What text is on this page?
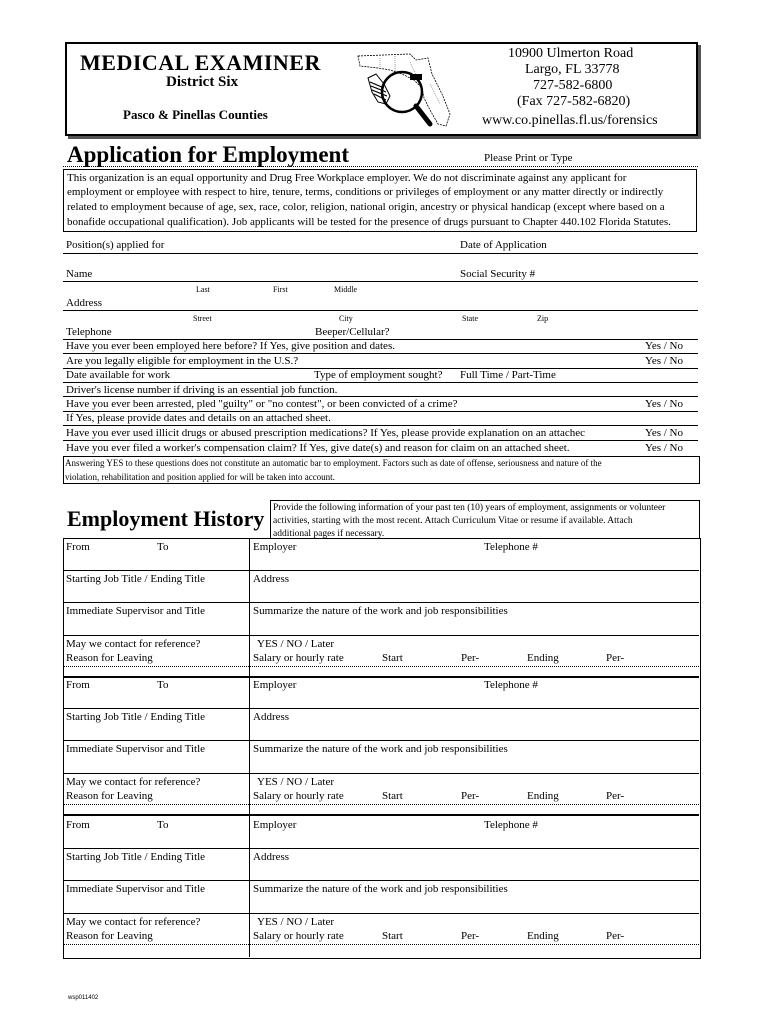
MEDICAL EXAMINER
District Six
Pasco & Pinellas Counties
10900 Ulmerton Road
Largo, FL 33778
727-582-6800
(Fax 727-582-6820)
www.co.pinellas.fl.us/forensics
Application for Employment	Please Print or Type
This organization is an equal opportunity and Drug Free Workplace employer. We do not discriminate against any applicant for
employment or employee with respect to hire, tenure, terms, conditions or privileges of employment or any matter directly or indirectly
related to employment because of age, sex, race, color, religion, national origin, ancestry or physical handicap (except where based on a
bonafide occupational qualification). Job applicants will be tested for the presence of drugs pursuant to Chapter 440.102 Florida Statutes.
Position(s) applied for	Date of Application
Name	Social Security #
Last	First	Middle
Address
Street	City	State	Zip
Telephone	Beeper/Cellular?
Have you ever been employed here before? If Yes, give position and dates.	Yes / No
Are you legally eligible for employment in the U.S.?	Yes / No
Date available for work	Type of employment sought? Full Time / Part-Time
Driver's license number if driving is an essential job function.
Have you ever been arrested, pled "guilty" or "no contest", or been convicted of a crime?	Yes / No
If Yes, please provide dates and details on an attached sheet.
Have you ever used illicit drugs or abused prescription medications? If Yes, please provide explanation on an attachec	Yes / No
Have you ever filed a worker's compensation claim? If Yes, give date(s) and reason for claim on an attached sheet.	Yes / No
Answering YES to these questions does not constitute an automatic bar to employment. Factors such as date of offense, seriousness and nature of the
violation, rehabilitation and position applied for will be taken into account.
Employment History Provide the following information of your past ten (10) years of employment, assignments or volunteer
activities, starting with the most recent. Attach Curriculum Vitae or resume if available. Attach
additional pages if necessary.
From	To	Employer	Telephone #
Starting Job Title / Ending Title	Address
Immediate Supervisor and Title	Summarize the nature of the work and job responsibilities
May we contact for reference?	YES / NO / Later
Reason for Leaving	Salary or hourly rate	Start	Per-	Ending	Per-
From	To	Employer	Telephone #
Starting Job Title / Ending Title	Address
Immediate Supervisor and Title	Summarize the nature of the work and job responsibilities
May we contact for reference?	YES / NO / Later
Reason for Leaving	Salary or hourly rate	Start	Per-	Ending	Per-
From	To	Employer	Telephone #
Starting Job Title / Ending Title	Address
Immediate Supervisor and Title	Summarize the nature of the work and job responsibilities
May we contact for reference?	YES / NO / Later
Reason for Leaving	Salary or hourly rate	Start	Per-	Ending	Per-
wsp011402
